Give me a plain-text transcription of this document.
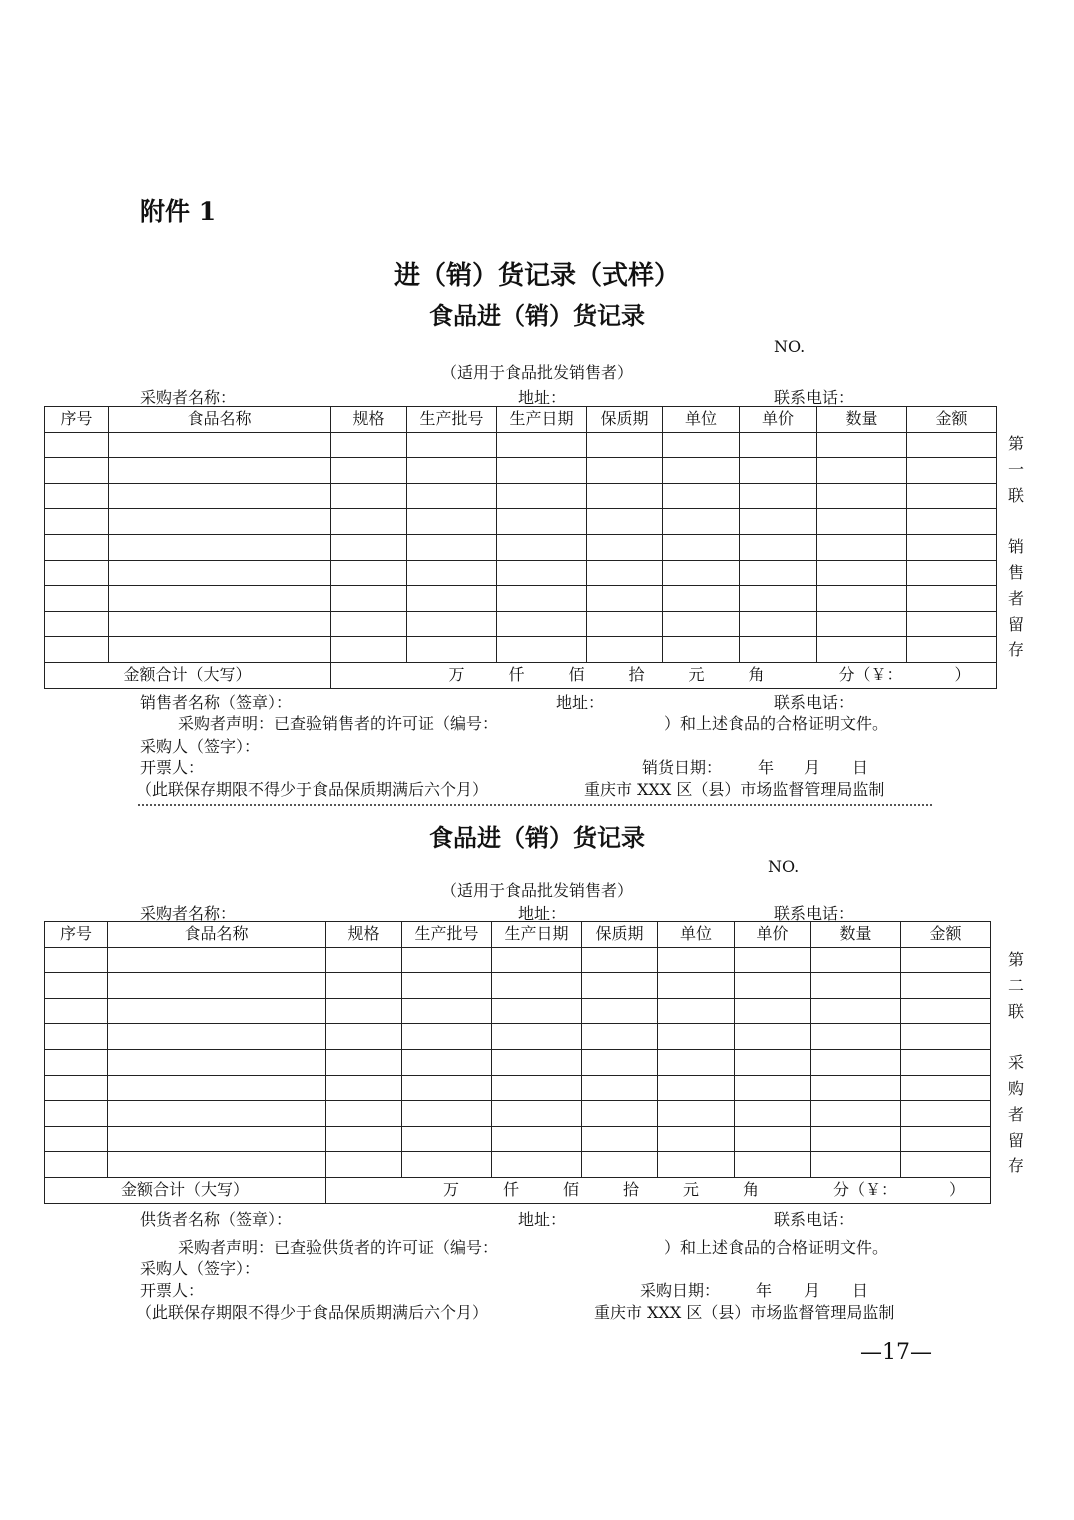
附件 1
进（销）货记录（式样）
食品进（销）货记录
NO.
（适用于食品批发销售者）
采购者名称：	地址：	联系电话：
序号	食品名称	规格	生产批号	生产日期	保质期	单位	单价	数量	金额

金额合计（大写）		万 仟 佰 拾 元 角 分（￥： ）							
第
一
联
销
售
者
留
存
销售者名称（签章）：	地址：	联系电话：
采购者声明：已查验销售者的许可证（编号：	）和上述食品的合格证明文件。
采购人（签字）：
开票人：	销货日期： 年 月 日
（此联保存期限不得少于食品保质期满后六个月）	重庆市 XXX 区（县）市场监督管理局监制
食品进（销）货记录
NO.
（适用于食品批发销售者）
采购者名称：	地址：	联系电话：
序号	食品名称	规格	生产批号	生产日期	保质期	单位	单价	数量	金额

金额合计（大写）		万 仟 佰 拾 元 角 分（￥： ）							
第
二
联
采
购
者
留
存
供货者名称（签章）：	地址：	联系电话：
采购者声明：已查验供货者的许可证（编号：	）和上述食品的合格证明文件。
采购人（签字）：
开票人：	采购日期： 年 月 日
（此联保存期限不得少于食品保质期满后六个月）	重庆市 XXX 区（县）市场监督管理局监制
—17—
